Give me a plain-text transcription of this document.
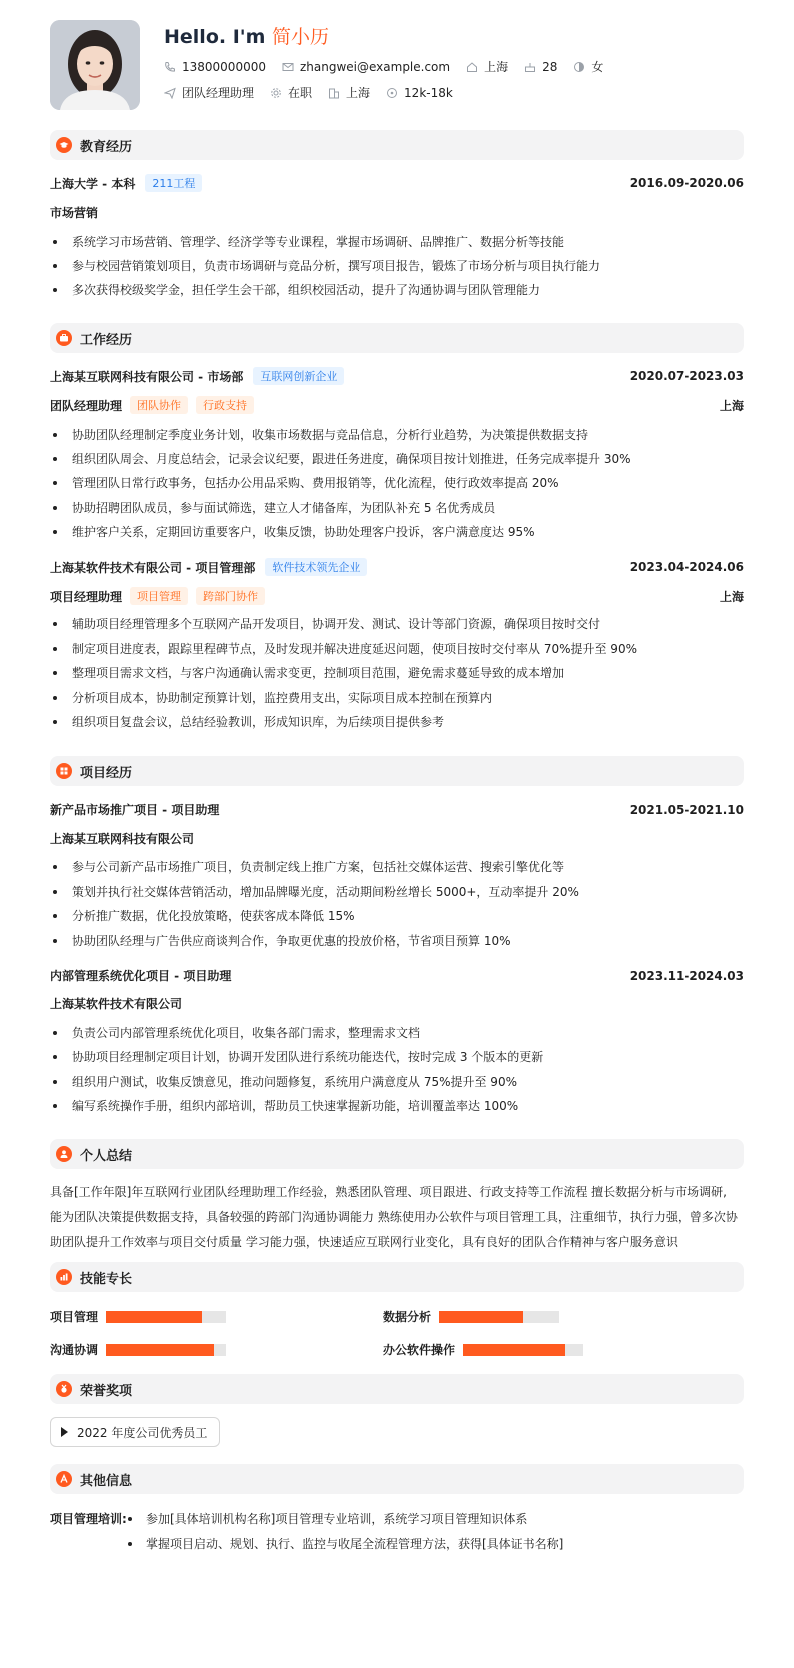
Hello. I'm 简小历
13800000000	zhangwei@example.com	上海	28	女
团队经理助理	在职	上海	12k-18k
教育经历
上海大学 - 本科	211工程	2016.09-2020.06
市场营销
系统学习市场营销、管理学、经济学等专业课程，掌握市场调研、品牌推广、数据分析等技能
参与校园营销策划项目，负责市场调研与竞品分析，撰写项目报告，锻炼了市场分析与项目执行能力
多次获得校级奖学金，担任学生会干部，组织校园活动，提升了沟通协调与团队管理能力
工作经历
上海某互联网科技有限公司 - 市场部	互联网创新企业	2020.07-2023.03
团队经理助理	团队协作	行政支持	上海
协助团队经理制定季度业务计划，收集市场数据与竞品信息，分析行业趋势，为决策提供数据支持
组织团队周会、月度总结会，记录会议纪要，跟进任务进度，确保项目按计划推进，任务完成率提升 30%
管理团队日常行政事务，包括办公用品采购、费用报销等，优化流程，使行政效率提高 20%
协助招聘团队成员，参与面试筛选，建立人才储备库，为团队补充 5 名优秀成员
维护客户关系，定期回访重要客户，收集反馈，协助处理客户投诉，客户满意度达 95%
上海某软件技术有限公司 - 项目管理部	软件技术领先企业	2023.04-2024.06
项目经理助理	项目管理	跨部门协作	上海
辅助项目经理管理多个互联网产品开发项目，协调开发、测试、设计等部门资源，确保项目按时交付
制定项目进度表，跟踪里程碑节点，及时发现并解决进度延迟问题，使项目按时交付率从 70%提升至 90%
整理项目需求文档，与客户沟通确认需求变更，控制项目范围，避免需求蔓延导致的成本增加
分析项目成本，协助制定预算计划，监控费用支出，实际项目成本控制在预算内
组织项目复盘会议，总结经验教训，形成知识库，为后续项目提供参考
项目经历
新产品市场推广项目 - 项目助理	2021.05-2021.10
上海某互联网科技有限公司
参与公司新产品市场推广项目，负责制定线上推广方案，包括社交媒体运营、搜索引擎优化等
策划并执行社交媒体营销活动，增加品牌曝光度，活动期间粉丝增长 5000+，互动率提升 20%
分析推广数据，优化投放策略，使获客成本降低 15%
协助团队经理与广告供应商谈判合作，争取更优惠的投放价格，节省项目预算 10%
内部管理系统优化项目 - 项目助理	2023.11-2024.03
上海某软件技术有限公司
负责公司内部管理系统优化项目，收集各部门需求，整理需求文档
协助项目经理制定项目计划，协调开发团队进行系统功能迭代，按时完成 3 个版本的更新
组织用户测试，收集反馈意见，推动问题修复，系统用户满意度从 75%提升至 90%
编写系统操作手册，组织内部培训，帮助员工快速掌握新功能，培训覆盖率达 100%
个人总结
具备[工作年限]年互联网行业团队经理助理工作经验，熟悉团队管理、项目跟进、行政支持等工作流程 擅长数据分析与市场调研,
能为团队决策提供数据支持，具备较强的跨部门沟通协调能力 熟练使用办公软件与项目管理工具，注重细节，执行力强，曾多次协
助团队提升工作效率与项目交付质量 学习能力强，快速适应互联网行业变化，具有良好的团队合作精神与客户服务意识
技能专长
项目管理	数据分析
沟通协调	办公软件操作
荣誉奖项
2022 年度公司优秀员工
其他信息
项目管理培训: 参加[具体培训机构名称]项目管理专业培训，系统学习项目管理知识体系
掌握项目启动、规划、执行、监控与收尾全流程管理方法，获得[具体证书名称]
